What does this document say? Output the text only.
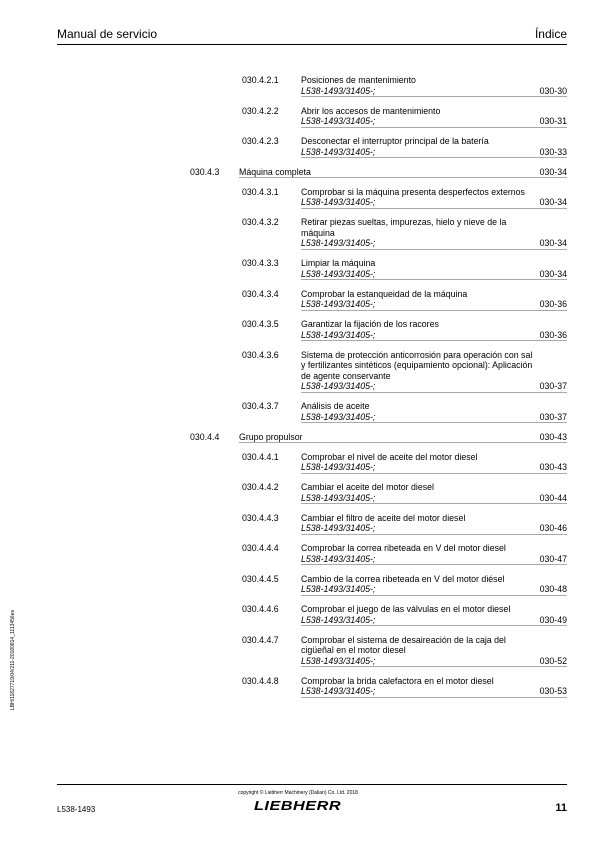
Manual de servicio	Índice
030.4.2.1	Posiciones de mantenimiento
L538-1493/31405-;	030-30
030.4.2.2	Abrir los accesos de mantenimiento
L538-1493/31405-;	030-31
030.4.2.3	Desconectar el interruptor principal de la batería
L538-1493/31405-;	030-33
030.4.3 Máquina completa	030-34
030.4.3.1	Comprobar si la máquina presenta desperfectos externos
L538-1493/31405-;	030-34
030.4.3.2	Retirar piezas sueltas, impurezas, hielo y nieve de la máquina
L538-1493/31405-;	030-34
030.4.3.3	Limpiar la máquina
L538-1493/31405-;	030-34
030.4.3.4	Comprobar la estanqueidad de la máquina
L538-1493/31405-;	030-36
030.4.3.5	Garantizar la fijación de los racores
L538-1493/31405-;	030-36
030.4.3.6	Sistema de protección anticorrosión para operación con sal y fertilizantes sintéticos (equipamiento opcional): Aplicación de agente conservante
L538-1493/31405-;	030-37
030.4.3.7	Análisis de aceite
L538-1493/31405-;	030-37
030.4.4 Grupo propulsor	030-43
030.4.4.1	Comprobar el nivel de aceite del motor diesel
L538-1493/31405-;	030-43
030.4.4.2	Cambiar el aceite del motor diesel
L538-1493/31405-;	030-44
030.4.4.3	Cambiar el filtro de aceite del motor diesel
L538-1493/31405-;	030-46
030.4.4.4	Comprobar la correa ribeteada en V del motor diesel
L538-1493/31405-;	030-47
030.4.4.5	Cambio de la correa ribeteada en V del motor diésel
L538-1493/31405-;	030-48
030.4.4.6	Comprobar el juego de las válvulas en el motor diesel
L538-1493/31405-;	030-49
030.4.4.7	Comprobar el sistema de desaireación de la caja del cigüeñal en el motor diesel
L538-1493/31405-;	030-52
030.4.4.8	Comprobar la brida calefactora en el motor diesel
L538-1493/31405-;	030-53
LBH/11827719/04/211-20180814_1113456es
copyright © Liebherr Machinery (Dalian) Co. Ltd. 2018
L538-1493	LIEBHERR	11
